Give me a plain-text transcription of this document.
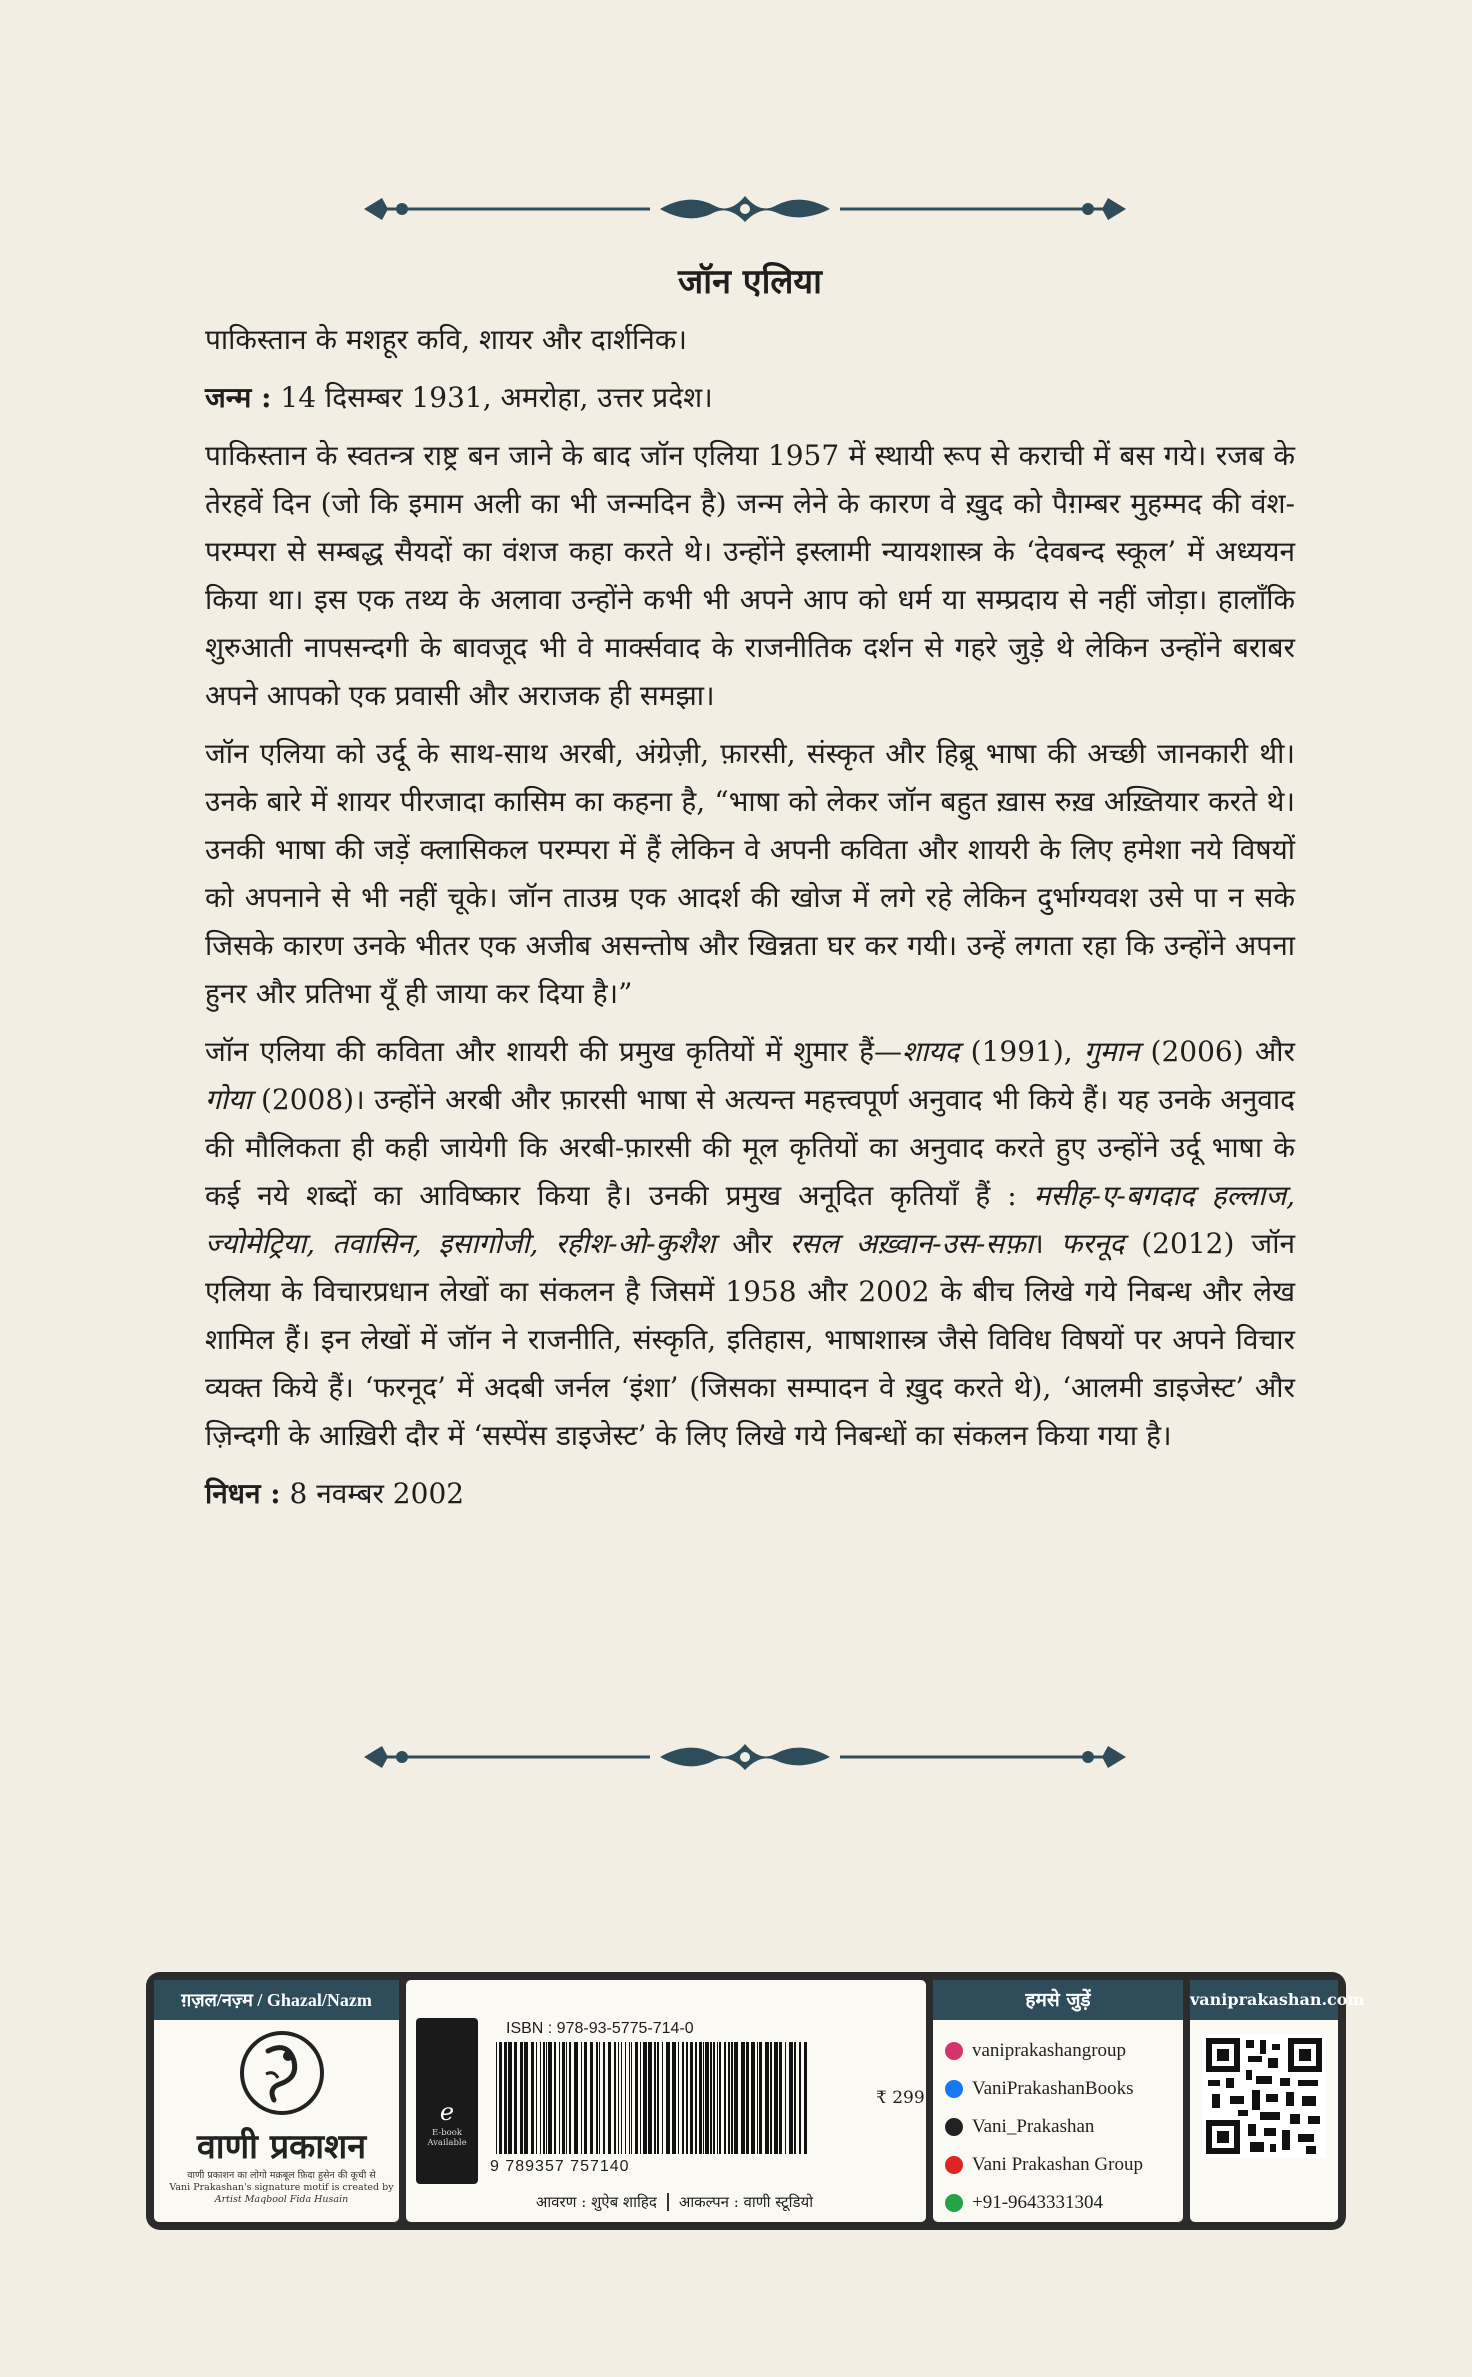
जॉन एलिया

पाकिस्तान के मशहूर कवि, शायर और दार्शनिक।

जन्म : 14 दिसम्बर 1931, अमरोहा, उत्तर प्रदेश।

पाकिस्तान के स्वतन्त्र राष्ट्र बन जाने के बाद जॉन एलिया 1957 में स्थायी रूप से कराची में बस गये। रजब के तेरहवें दिन (जो कि इमाम अली का भी जन्मदिन है) जन्म लेने के कारण वे ख़ुद को पैग़म्बर मुहम्मद की वंश-परम्परा से सम्बद्ध सैयदों का वंशज कहा करते थे। उन्होंने इस्लामी न्यायशास्त्र के ‘देवबन्द स्कूल’ में अध्ययन किया था। इस एक तथ्य के अलावा उन्होंने कभी भी अपने आप को धर्म या सम्प्रदाय से नहीं जोड़ा। हालाँकि शुरुआती नापसन्दगी के बावजूद भी वे मार्क्सवाद के राजनीतिक दर्शन से गहरे जुड़े थे लेकिन उन्होंने बराबर अपने आपको एक प्रवासी और अराजक ही समझा।

जॉन एलिया को उर्दू के साथ-साथ अरबी, अंग्रेज़ी, फ़ारसी, संस्कृत और हिब्रू भाषा की अच्छी जानकारी थी। उनके बारे में शायर पीरजादा कासिम का कहना है, “भाषा को लेकर जॉन बहुत ख़ास रुख़ अख़्तियार करते थे। उनकी भाषा की जड़ें क्लासिकल परम्परा में हैं लेकिन वे अपनी कविता और शायरी के लिए हमेशा नये विषयों को अपनाने से भी नहीं चूके। जॉन ताउम्र एक आदर्श की खोज में लगे रहे लेकिन दुर्भाग्यवश उसे पा न सके जिसके कारण उनके भीतर एक अजीब असन्तोष और खिन्नता घर कर गयी। उन्हें लगता रहा कि उन्होंने अपना हुनर और प्रतिभा यूँ ही जाया कर दिया है।”

जॉन एलिया की कविता और शायरी की प्रमुख कृतियों में शुमार हैं—शायद (1991), गुमान (2006) और गोया (2008)। उन्होंने अरबी और फ़ारसी भाषा से अत्यन्त महत्त्वपूर्ण अनुवाद भी किये हैं। यह उनके अनुवाद की मौलिकता ही कही जायेगी कि अरबी-फ़ारसी की मूल कृतियों का अनुवाद करते हुए उन्होंने उर्दू भाषा के कई नये शब्दों का आविष्कार किया है। उनकी प्रमुख अनूदित कृतियाँ हैं : मसीह-ए-बगदाद हल्लाज, ज्योमेट्रिया, तवासिन, इसागोजी, रहीश-ओ-कुशैश और रसल अख़्वान-उस-सफ़ा। फरनूद (2012) जॉन एलिया के विचारप्रधान लेखों का संकलन है जिसमें 1958 और 2002 के बीच लिखे गये निबन्ध और लेख शामिल हैं। इन लेखों में जॉन ने राजनीति, संस्कृति, इतिहास, भाषाशास्त्र जैसे विविध विषयों पर अपने विचार व्यक्त किये हैं। ‘फरनूद’ में अदबी जर्नल ‘इंशा’ (जिसका सम्पादन वे ख़ुद करते थे), ‘आलमी डाइजेस्ट’ और ज़िन्दगी के आख़िरी दौर में ‘सस्पेंस डाइजेस्ट’ के लिए लिखे गये निबन्धों का संकलन किया गया है।

निधन : 8 नवम्बर 2002

ग़ज़ल/नज़्म / Ghazal/Nazm
वाणी प्रकाशन
वाणी प्रकाशन का लोगो मक़बूल फ़िदा हुसेन की कूची से
Vani Prakashan's signature motif is created by
Artist Maqbool Fida Husain
e
E-book
Available
ISBN : 978-93-5775-714-0
9 789357 757140
₹ 299
आवरण : शुऐब शाहिद आकल्पन : वाणी स्टूडियो
हमसे जुड़ें
vaniprakashangroup
VaniPrakashanBooks
Vani_Prakashan
Vani Prakashan Group
+91-9643331304
vaniprakashan.com
